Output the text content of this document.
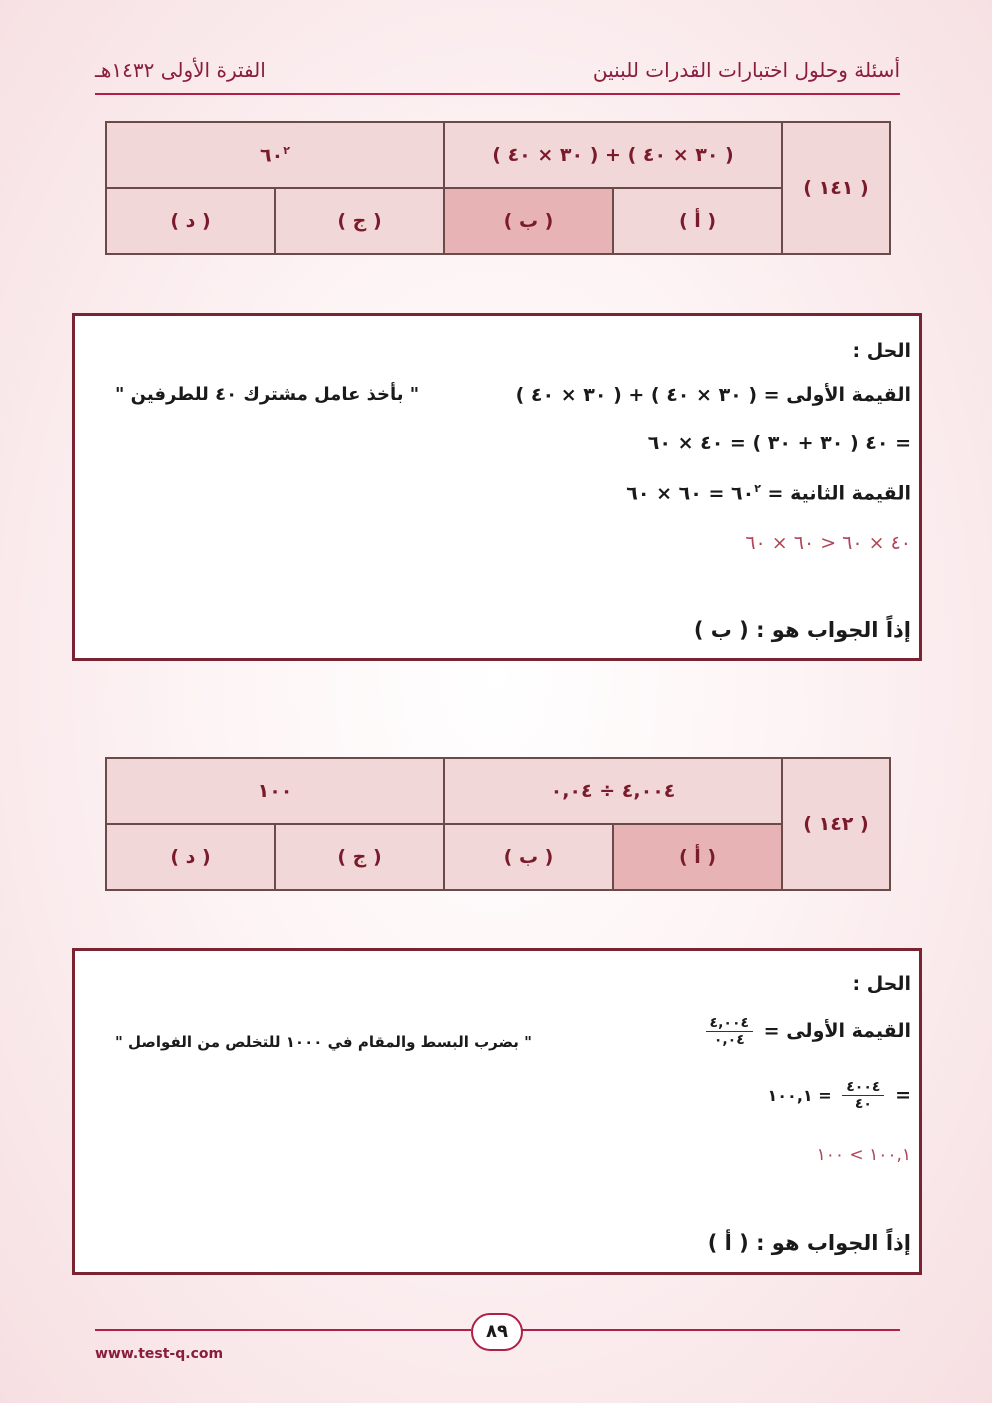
أسئلة وحلول اختبارات القدرات للبنين
الفترة الأولى ١٤٣٢هـ
( ١٤١ )	( ٣٠ × ٤٠ ) + ( ٣٠ × ٤٠ )		$٦٠^٢$
	( أ )	( ب )	( ج )	( د )
الحل :
القيمة الأولى = ( ٣٠ × ٤٠ ) + ( ٣٠ × ٤٠ )
" بأخذ عامل مشترك ٤٠ للطرفين "
= ٤٠ ( ٣٠ + ٣٠ ) = ٤٠ × ٦٠
القيمة الثانية = $٦٠^٢$ = ٦٠ × ٦٠
٤٠ × ٦٠ < ٦٠ × ٦٠
إذاً الجواب هو : ( ب )
( ١٤٢ )	٤,٠٠٤ ÷ ٠,٠٤		١٠٠	
	( أ )	( ب )	( ج )	( د )
الحل :
القيمة الأولى =
$\frac{٤,٠٠٤}{٠,٠٤}$
" بضرب البسط والمقام في ١٠٠٠ للتخلص من الفواصل "
=
$\frac{٤٠٠٤}{٤٠}$
= ١٠٠,١
١٠٠,١ > ١٠٠
إذاً الجواب هو : ( أ )
٨٩
www.test-q.com
